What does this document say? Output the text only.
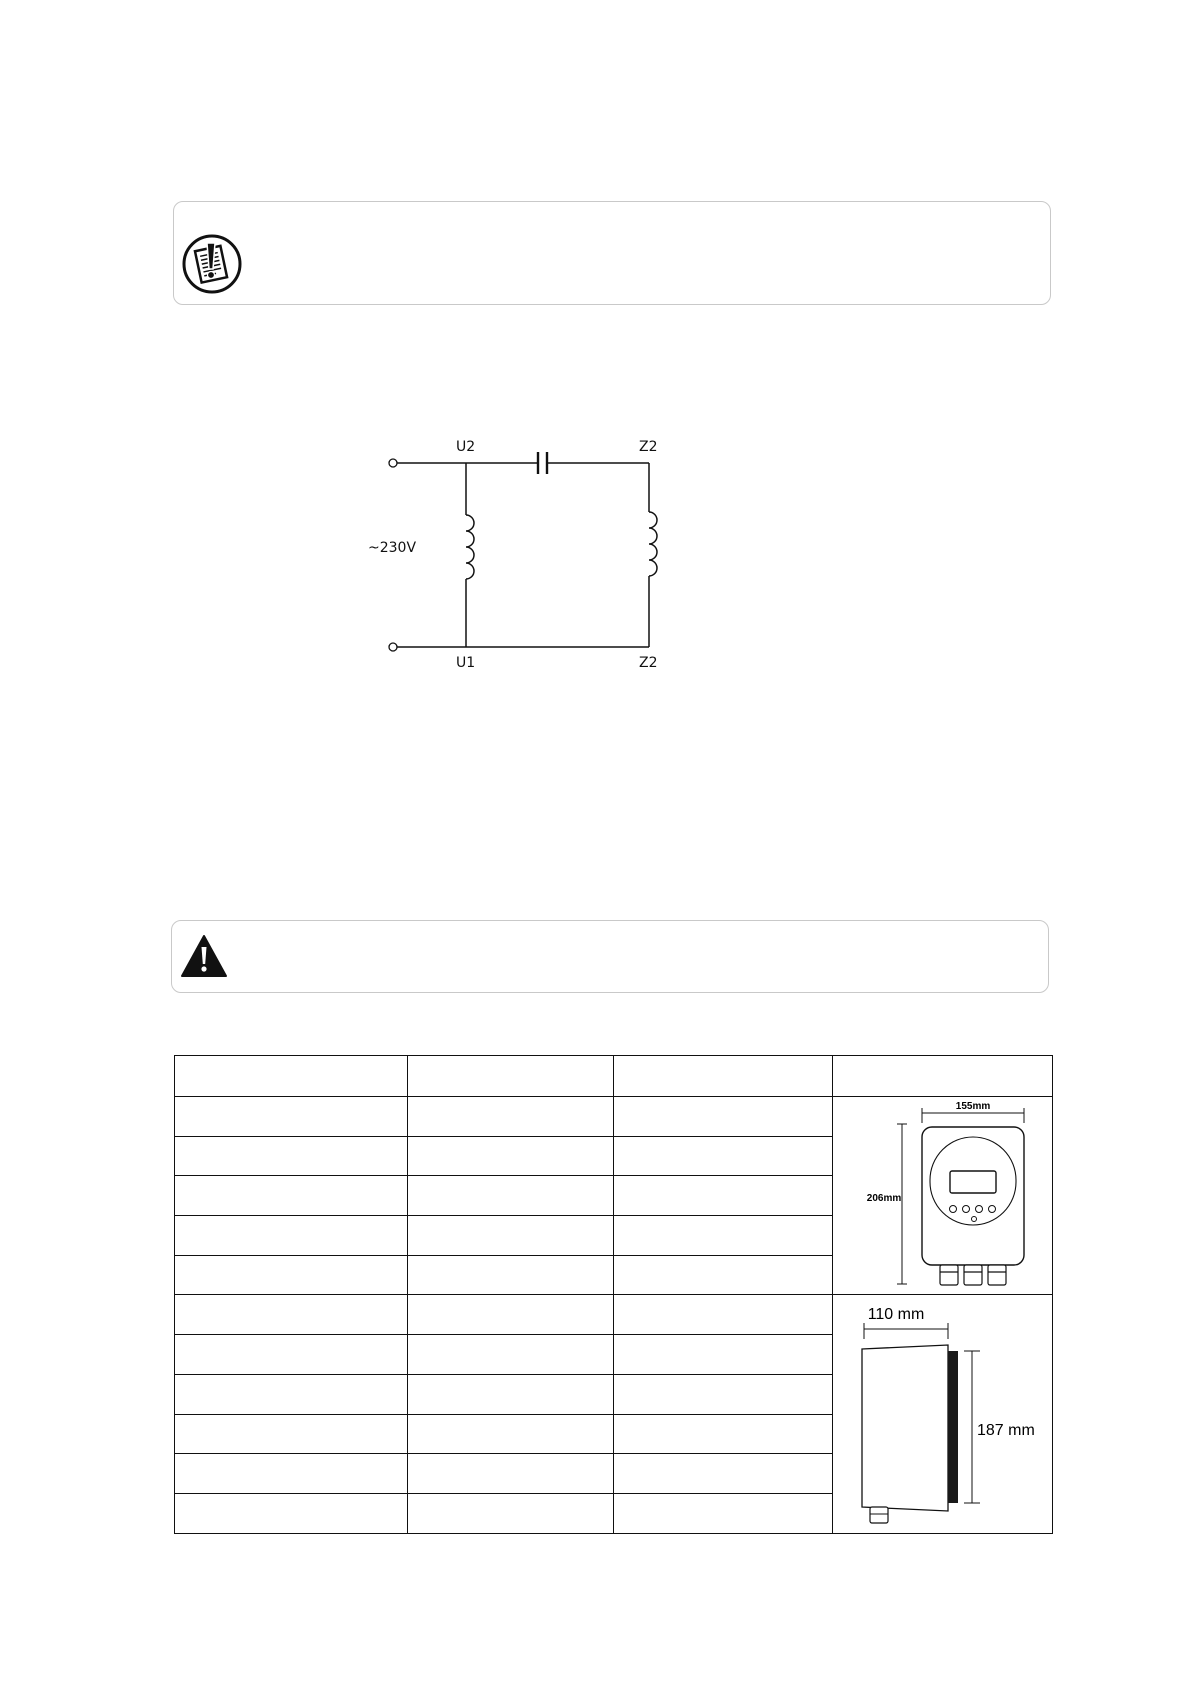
U2	Z2
U1	Z2
~230V

155mm
206mm

110 mm
187 mm
